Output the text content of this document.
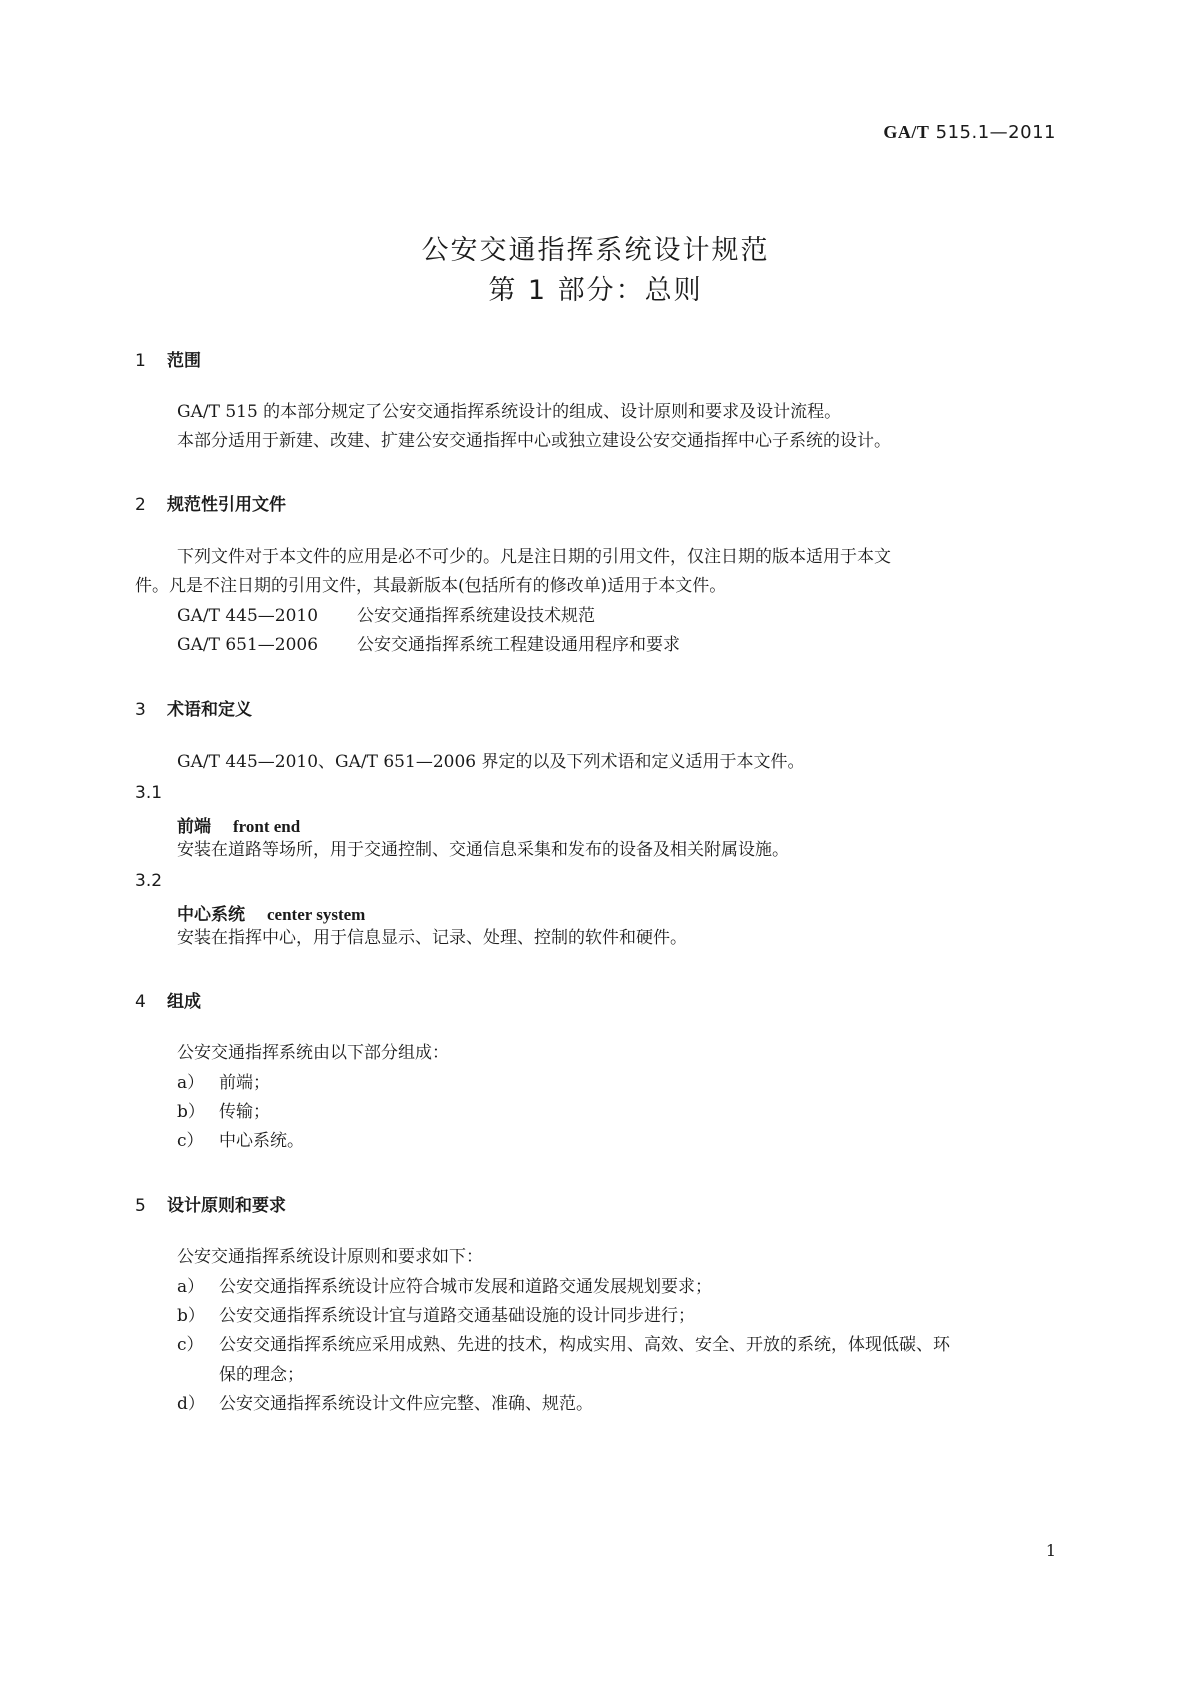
GA/T 515.1—2011
公安交通指挥系统设计规范
第 1 部分：总则
1 范围
GA/T 515 的本部分规定了公安交通指挥系统设计的组成、设计原则和要求及设计流程。
本部分适用于新建、改建、扩建公安交通指挥中心或独立建设公安交通指挥中心子系统的设计。
2 规范性引用文件
下列文件对于本文件的应用是必不可少的。凡是注日期的引用文件，仅注日期的版本适用于本文
件。凡是不注日期的引用文件，其最新版本(包括所有的修改单)适用于本文件。
GA/T 445—2010 公安交通指挥系统建设技术规范
GA/T 651—2006 公安交通指挥系统工程建设通用程序和要求
3 术语和定义
GA/T 445—2010、GA/T 651—2006 界定的以及下列术语和定义适用于本文件。
3.1
前端 front end
安装在道路等场所，用于交通控制、交通信息采集和发布的设备及相关附属设施。
3.2
中心系统 center system
安装在指挥中心，用于信息显示、记录、处理、控制的软件和硬件。
4 组成
公安交通指挥系统由以下部分组成：
a） 前端；
b） 传输；
c） 中心系统。
5 设计原则和要求
公安交通指挥系统设计原则和要求如下：
a） 公安交通指挥系统设计应符合城市发展和道路交通发展规划要求；
b） 公安交通指挥系统设计宜与道路交通基础设施的设计同步进行；
c） 公安交通指挥系统应采用成熟、先进的技术，构成实用、高效、安全、开放的系统，体现低碳、环
保的理念；
d） 公安交通指挥系统设计文件应完整、准确、规范。
1
